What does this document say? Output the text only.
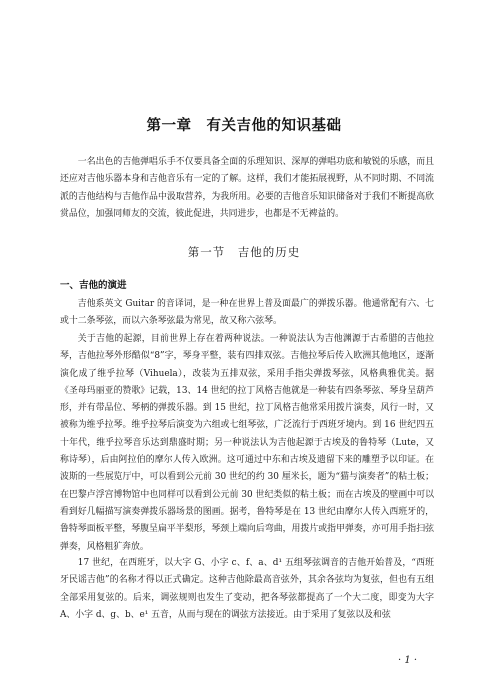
第一章　有关吉他的知识基础

一名出色的吉他弹唱乐手不仅要具备全面的乐理知识、深厚的弹唱功底和敏锐的乐感，而且还应对吉他乐器本身和吉他音乐有一定的了解。这样，我们才能拓展视野，从不同时期、不同流派的吉他结构与吉他作品中汲取营养，为我所用。必要的吉他音乐知识储备对于我们不断提高欣赏品位，加强同师友的交流，彼此促进，共同进步，也都是不无裨益的。

第一节　吉他的历史
一、吉他的演进

吉他系英文 Guitar 的音译词，是一种在世界上普及面最广的弹拨乐器。他通常配有六、七或十二条琴弦，而以六条琴弦最为常见，故又称六弦琴。

关于吉他的起源，目前世界上存在着两种说法。一种说法认为吉他渊源于古希腊的吉他拉琴，吉他拉琴外形酷似“8”字，琴身平整，装有四排双弦。吉他拉琴后传入欧洲其他地区，逐渐演化成了维乎拉琴（Vihuela），改装为五排双弦，采用手指尖弹拨琴弦，风格典雅优美。据《圣母玛丽亚的赞歌》记载，13、14 世纪的拉丁风格吉他就是一种装有四条琴弦、琴身呈葫芦形，并有带品位、琴柄的弹拨乐器。到 15 世纪，拉丁风格吉他常采用拨片演奏，风行一时，又被称为维乎拉琴。维乎拉琴后演变为六组或七组琴弦，广泛流行于西班牙境内。到 16 世纪四五十年代，维乎拉琴音乐达到鼎盛时期；另一种说法认为吉他起源于古埃及的鲁特琴（Lute，又称诗琴），后由阿拉伯的摩尔人传入欧洲。这可通过中东和古埃及遗留下来的雕塑予以印证。在波斯的一些展览厅中，可以看到公元前 30 世纪的约 30 厘米长，题为“猫与演奏者”的粘土板；在巴黎卢浮宫博物馆中也同样可以看到公元前 30 世纪类似的粘土板；而在古埃及的壁画中可以看到好几幅描写演奏弹拨乐器场景的图画。据考，鲁特琴是在 13 世纪由摩尔人传入西班牙的，鲁特琴面板平整，琴腹呈扁平半梨形，琴颈上端向后弯曲，用拨片或指甲弹奏，亦可用手指扫弦弹奏，风格粗犷奔放。

17 世纪，在西班牙，以大字 G、小字 c、f、a、d¹ 五组琴弦调音的吉他开始普及，“西班牙民谣吉他”的名称才得以正式确定。这种吉他除最高音弦外，其余各弦均为复弦，但也有五组全部采用复弦的。后来，调弦规则也发生了变动，把各琴弦都提高了一个大二度，即变为大字 A、小字 d、g、b、e¹ 五音，从而与现在的调弦方法接近。由于采用了复弦以及和弦

· 1 ·
